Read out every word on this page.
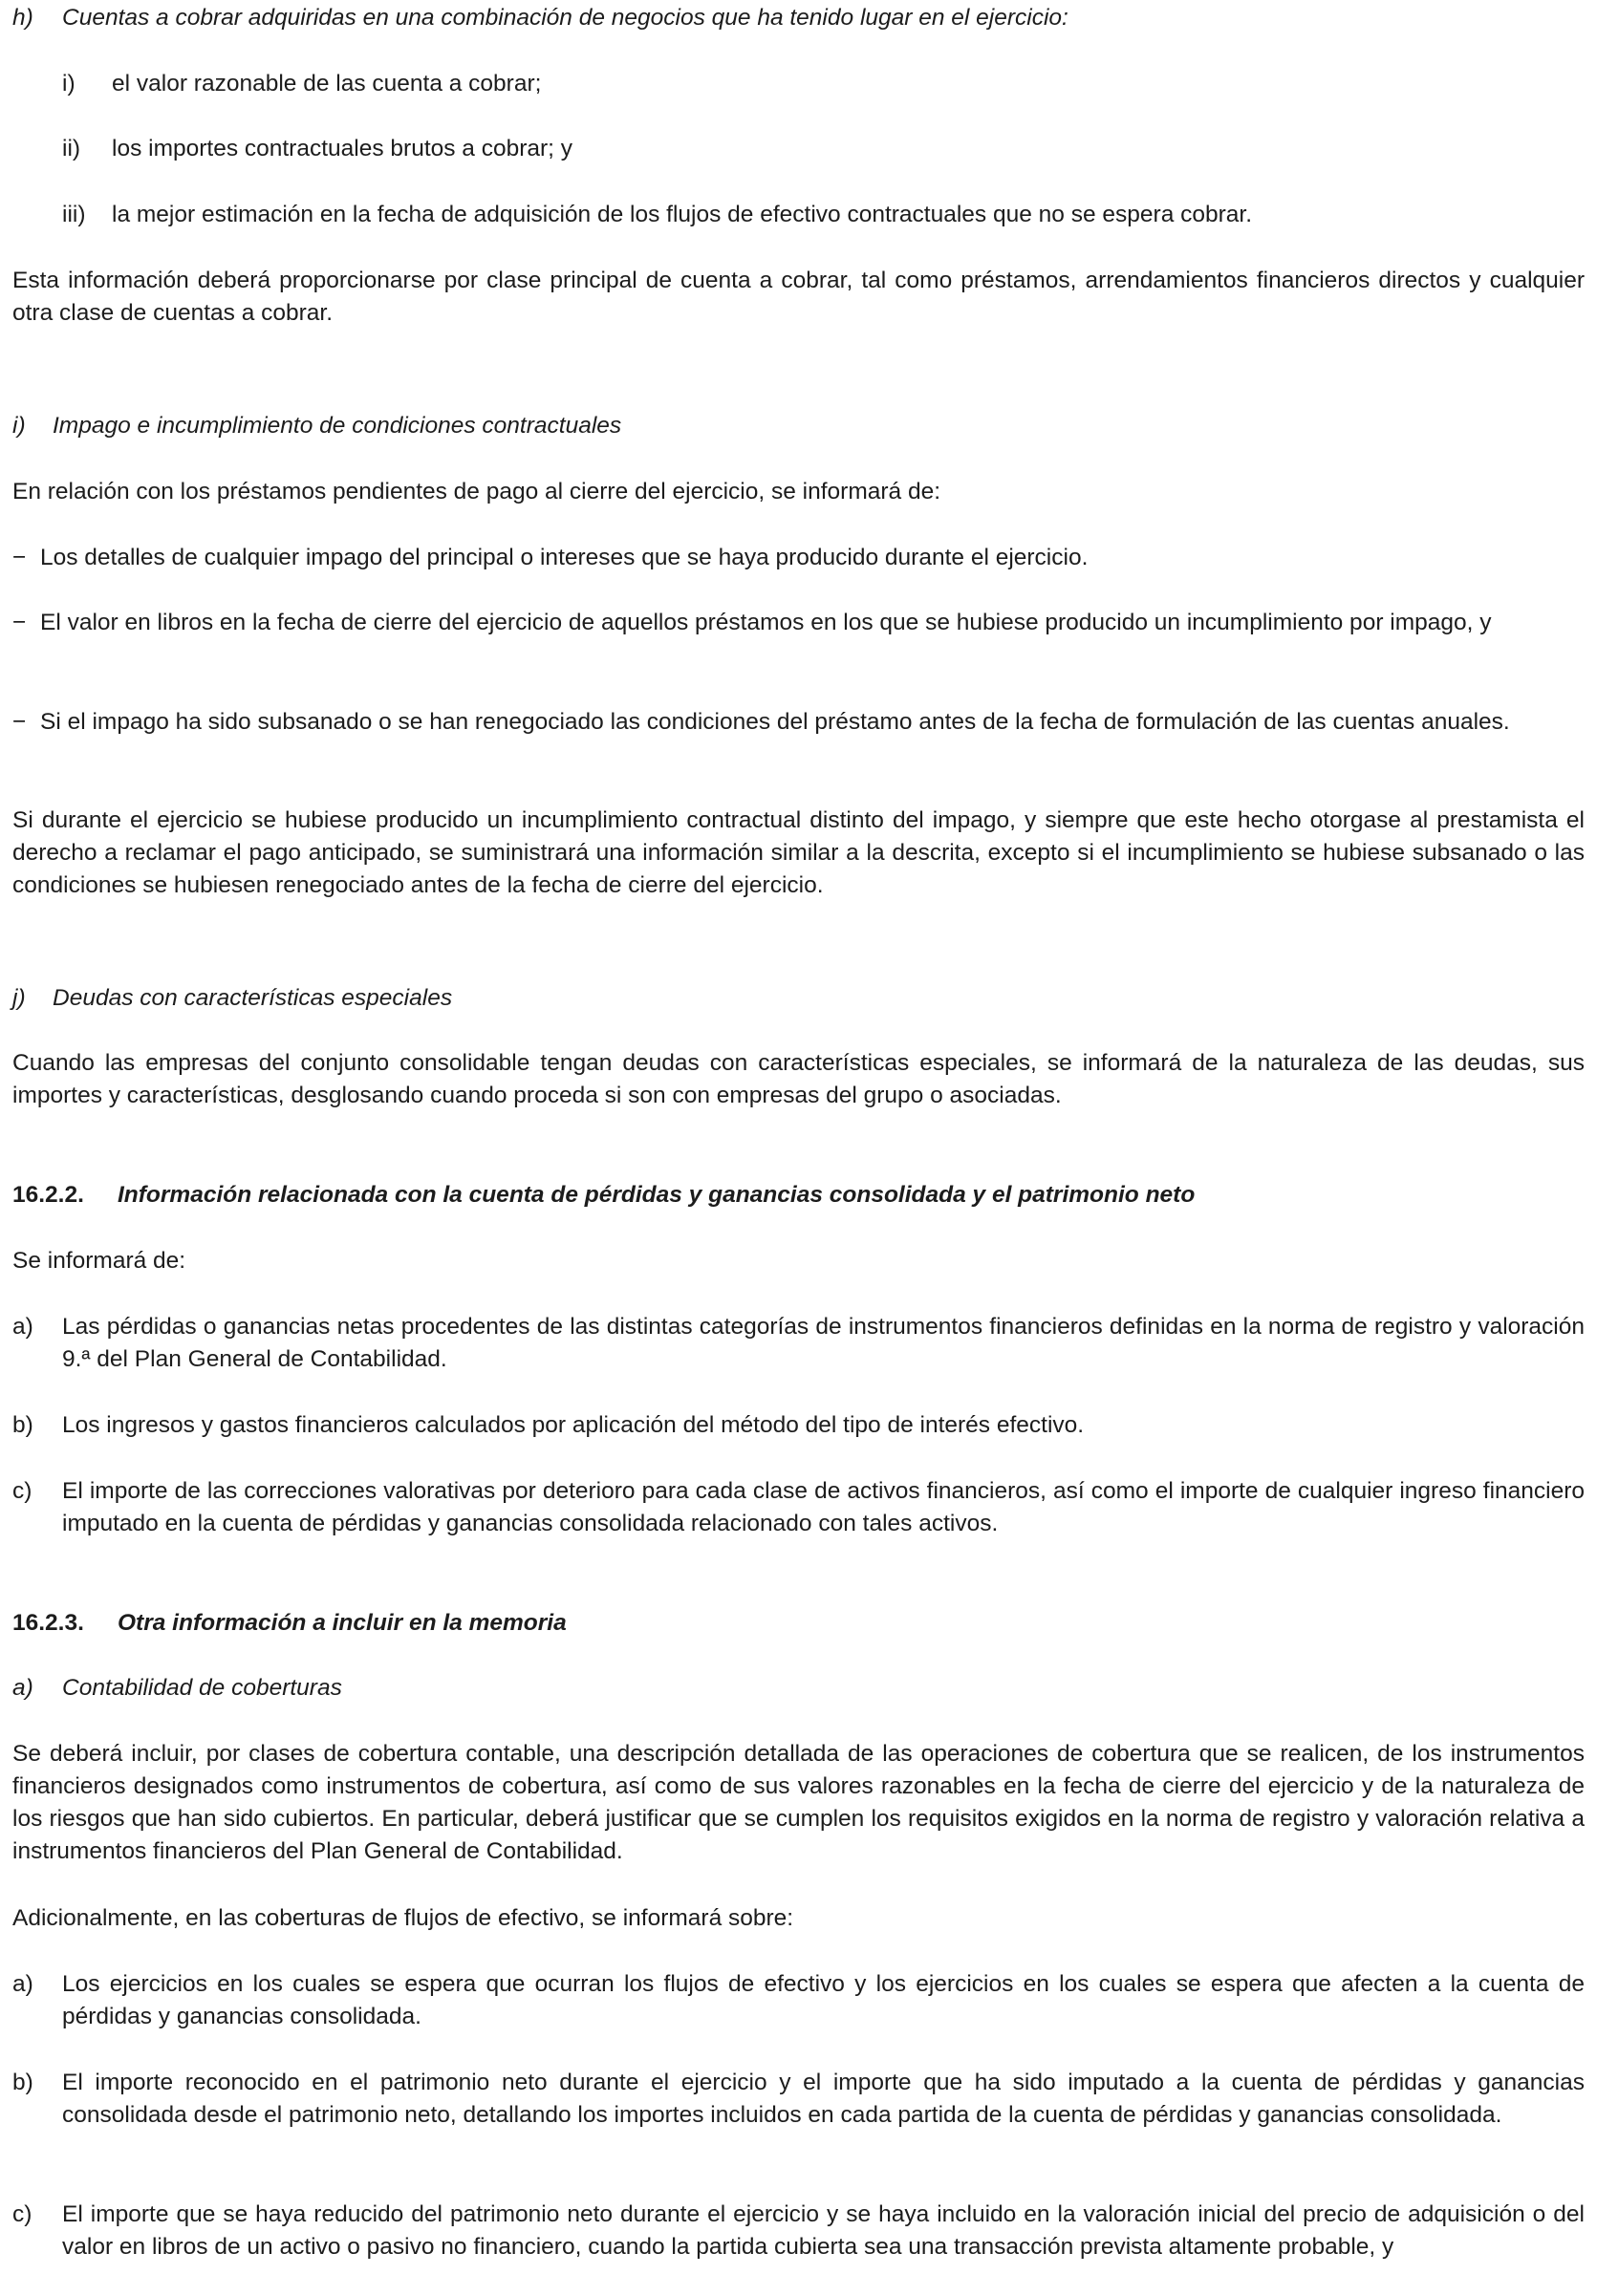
h)	Cuentas a cobrar adquiridas en una combinación de negocios que ha tenido lugar en el ejercicio:
i)	el valor razonable de las cuenta a cobrar;
ii)	los importes contractuales brutos a cobrar; y
iii)	la mejor estimación en la fecha de adquisición de los flujos de efectivo contractuales que no se espera cobrar.

Esta información deberá proporcionarse por clase principal de cuenta a cobrar, tal como préstamos, arrendamientos financieros directos y cualquier otra clase de cuentas a cobrar.

i)	Impago e incumplimiento de condiciones contractuales

En relación con los préstamos pendientes de pago al cierre del ejercicio, se informará de:

− Los detalles de cualquier impago del principal o intereses que se haya producido durante el ejercicio.
− El valor en libros en la fecha de cierre del ejercicio de aquellos préstamos en los que se hubiese producido un incumplimiento por impago, y
− Si el impago ha sido subsanado o se han renegociado las condiciones del préstamo antes de la fecha de formulación de las cuentas anuales.

Si durante el ejercicio se hubiese producido un incumplimiento contractual distinto del impago, y siempre que este hecho otorgase al prestamista el derecho a reclamar el pago anticipado, se suministrará una información similar a la descrita, excepto si el incumplimiento se hubiese subsanado o las condiciones se hubiesen renegociado antes de la fecha de cierre del ejercicio.

j)	Deudas con características especiales

Cuando las empresas del conjunto consolidable tengan deudas con características especiales, se informará de la naturaleza de las deudas, sus importes y características, desglosando cuando proceda si son con empresas del grupo o asociadas.

16.2.2.	Información relacionada con la cuenta de pérdidas y ganancias consolidada y el patrimonio neto

Se informará de:

a)	Las pérdidas o ganancias netas procedentes de las distintas categorías de instrumentos financieros definidas en la norma de registro y valoración 9.ª del Plan General de Contabilidad.
b)	Los ingresos y gastos financieros calculados por aplicación del método del tipo de interés efectivo.
c)	El importe de las correcciones valorativas por deterioro para cada clase de activos financieros, así como el importe de cualquier ingreso financiero imputado en la cuenta de pérdidas y ganancias consolidada relacionado con tales activos.
16.2.3.	Otra información a incluir en la memoria
a)	Contabilidad de coberturas

Se deberá incluir, por clases de cobertura contable, una descripción detallada de las operaciones de cobertura que se realicen, de los instrumentos financieros designados como instrumentos de cobertura, así como de sus valores razonables en la fecha de cierre del ejercicio y de la naturaleza de los riesgos que han sido cubiertos. En particular, deberá justificar que se cumplen los requisitos exigidos en la norma de registro y valoración relativa a instrumentos financieros del Plan General de Contabilidad.

Adicionalmente, en las coberturas de flujos de efectivo, se informará sobre:

a)	Los ejercicios en los cuales se espera que ocurran los flujos de efectivo y los ejercicios en los cuales se espera que afecten a la cuenta de pérdidas y ganancias consolidada.
b)	El importe reconocido en el patrimonio neto durante el ejercicio y el importe que ha sido imputado a la cuenta de pérdidas y ganancias consolidada desde el patrimonio neto, detallando los importes incluidos en cada partida de la cuenta de pérdidas y ganancias consolidada.
c)	El importe que se haya reducido del patrimonio neto durante el ejercicio y se haya incluido en la valoración inicial del precio de adquisición o del valor en libros de un activo o pasivo no financiero, cuando la partida cubierta sea una transacción prevista altamente probable, y
